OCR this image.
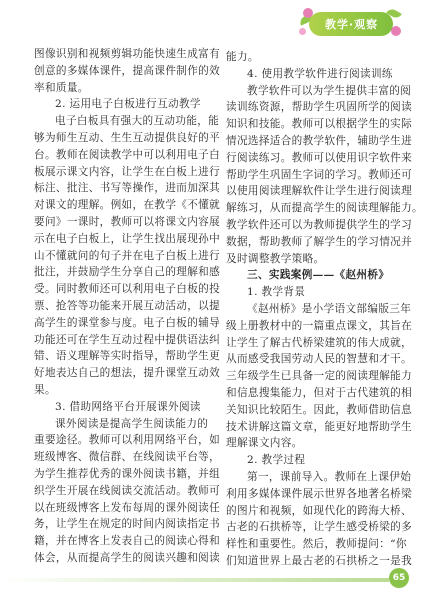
教学·观察
图像识别和视频剪辑功能快速生成富有
创意的多媒体课件，提高课件制作的效
率和质量。
2. 运用电子白板进行互动教学
电子白板具有强大的互动功能，能
够为师生互动、生生互动提供良好的平
台。教师在阅读教学中可以利用电子白
板展示课文内容，让学生在白板上进行
标注、批注、书写等操作，进而加深其
对课文的理解。例如，在教学《不懂就
要问》一课时，教师可以将课文内容展
示在电子白板上，让学生找出展现孙中
山不懂就问的句子并在电子白板上进行
批注，并鼓励学生分享自己的理解和感
受。同时教师还可以利用电子白板的投
票、抢答等功能来开展互动活动，以提
高学生的课堂参与度。电子白板的辅导
功能还可在学生互动过程中提供语法纠
错、语义理解等实时指导，帮助学生更
好地表达自己的想法，提升课堂互动效
果。
3. 借助网络平台开展课外阅读
课外阅读是提高学生阅读能力的
重要途径。教师可以利用网络平台，如
班级博客、微信群、在线阅读平台等，
为学生推荐优秀的课外阅读书籍，并组
织学生开展在线阅读交流活动。教师可
以在班级博客上发布每周的课外阅读任
务，让学生在规定的时间内阅读指定书
籍，并在博客上发表自己的阅读心得和
体会，从而提高学生的阅读兴趣和阅读
能力。
4. 使用教学软件进行阅读训练
教学软件可以为学生提供丰富的阅
读训练资源，帮助学生巩固所学的阅读
知识和技能。教师可以根据学生的实际
情况选择适合的教学软件，辅助学生进
行阅读练习。教师可以使用识字软件来
帮助学生巩固生字词的学习。教师还可
以使用阅读理解软件让学生进行阅读理
解练习，从而提高学生的阅读理解能力。
教学软件还可以为教师提供学生的学习
数据，帮助教师了解学生的学习情况并
及时调整教学策略。
三、实践案例——《赵州桥》
1. 教学背景
《赵州桥》是小学语文部编版三年
级上册教材中的一篇重点课文，其旨在
让学生了解古代桥梁建筑的伟大成就，
从而感受我国劳动人民的智慧和才干。
三年级学生已具备一定的阅读理解能力
和信息搜集能力，但对于古代建筑的相
关知识比较陌生。因此，教师借助信息
技术讲解这篇文章，能更好地帮助学生
理解课文内容。
2. 教学过程
第一，课前导入。教师在上课伊始
利用多媒体课件展示世界各地著名桥梁
的图片和视频，如现代化的跨海大桥、
古老的石拱桥等，让学生感受桥梁的多
样性和重要性。然后，教师提问：“你
们知道世界上最古老的石拱桥之一是我
65
